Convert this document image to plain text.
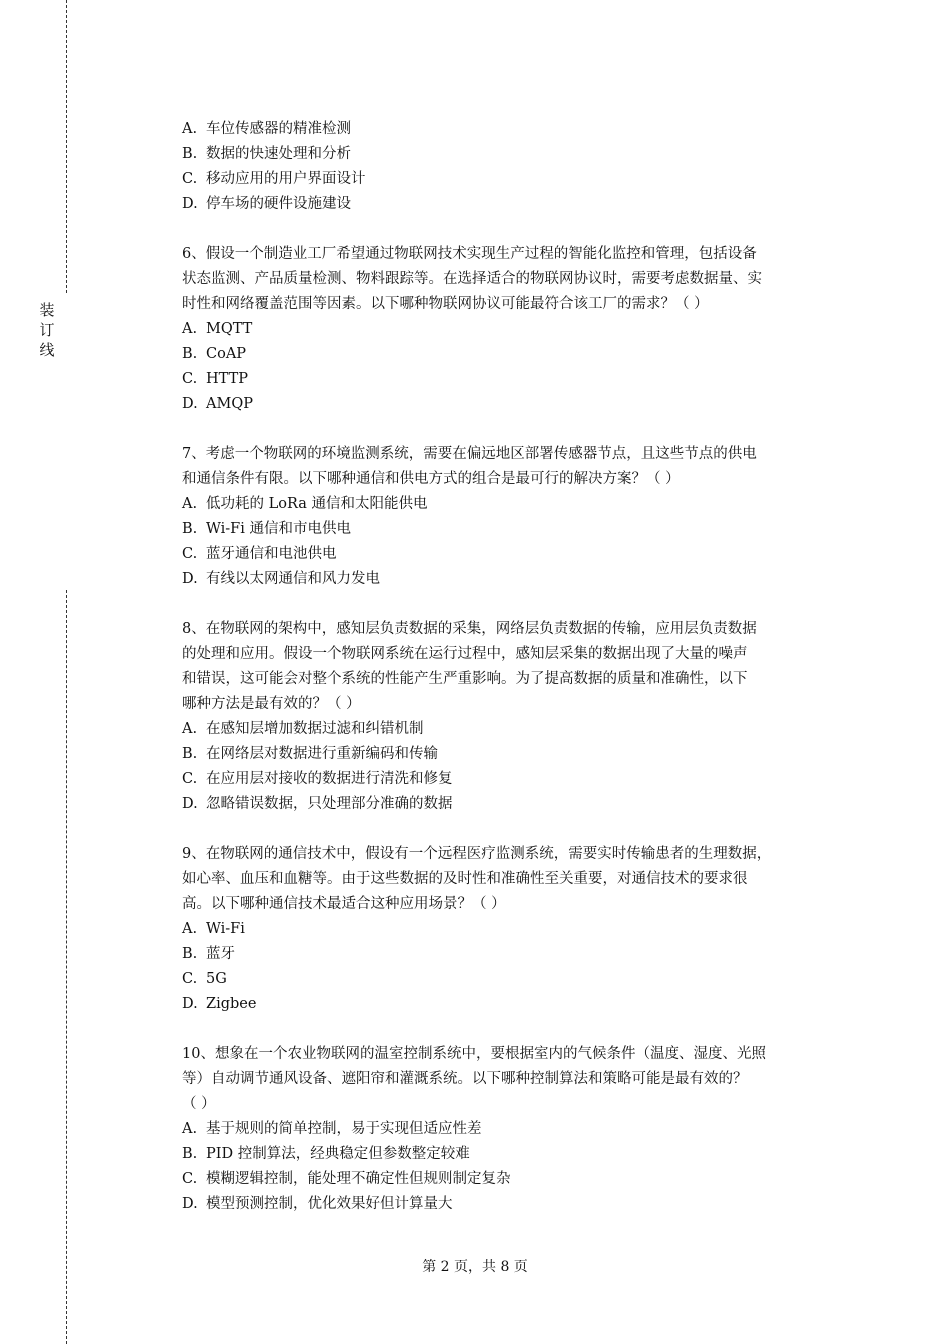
装
订
线
A. 车位传感器的精准检测
B. 数据的快速处理和分析
C. 移动应用的用户界面设计
D. 停车场的硬件设施建设
6、假设一个制造业工厂希望通过物联网技术实现生产过程的智能化监控和管理，包括设备
状态监测、产品质量检测、物料跟踪等。在选择适合的物联网协议时，需要考虑数据量、实
时性和网络覆盖范围等因素。以下哪种物联网协议可能最符合该工厂的需求？（ ）
A. MQTT
B. CoAP
C. HTTP
D. AMQP
7、考虑一个物联网的环境监测系统，需要在偏远地区部署传感器节点，且这些节点的供电
和通信条件有限。以下哪种通信和供电方式的组合是最可行的解决方案？（ ）
A. 低功耗的 LoRa 通信和太阳能供电
B. Wi-Fi 通信和市电供电
C. 蓝牙通信和电池供电
D. 有线以太网通信和风力发电
8、在物联网的架构中，感知层负责数据的采集，网络层负责数据的传输，应用层负责数据
的处理和应用。假设一个物联网系统在运行过程中，感知层采集的数据出现了大量的噪声
和错误，这可能会对整个系统的性能产生严重影响。为了提高数据的质量和准确性，以下
哪种方法是最有效的？（ ）
A. 在感知层增加数据过滤和纠错机制
B. 在网络层对数据进行重新编码和传输
C. 在应用层对接收的数据进行清洗和修复
D. 忽略错误数据，只处理部分准确的数据
9、在物联网的通信技术中，假设有一个远程医疗监测系统，需要实时传输患者的生理数据，
如心率、血压和血糖等。由于这些数据的及时性和准确性至关重要，对通信技术的要求很
高。以下哪种通信技术最适合这种应用场景？（ ）
A. Wi-Fi
B. 蓝牙
C. 5G
D. Zigbee
10、想象在一个农业物联网的温室控制系统中，要根据室内的气候条件（温度、湿度、光照
等）自动调节通风设备、遮阳帘和灌溉系统。以下哪种控制算法和策略可能是最有效的？
（ ）
A. 基于规则的简单控制，易于实现但适应性差
B. PID 控制算法，经典稳定但参数整定较难
C. 模糊逻辑控制，能处理不确定性但规则制定复杂
D. 模型预测控制，优化效果好但计算量大
第 2 页，共 8 页
